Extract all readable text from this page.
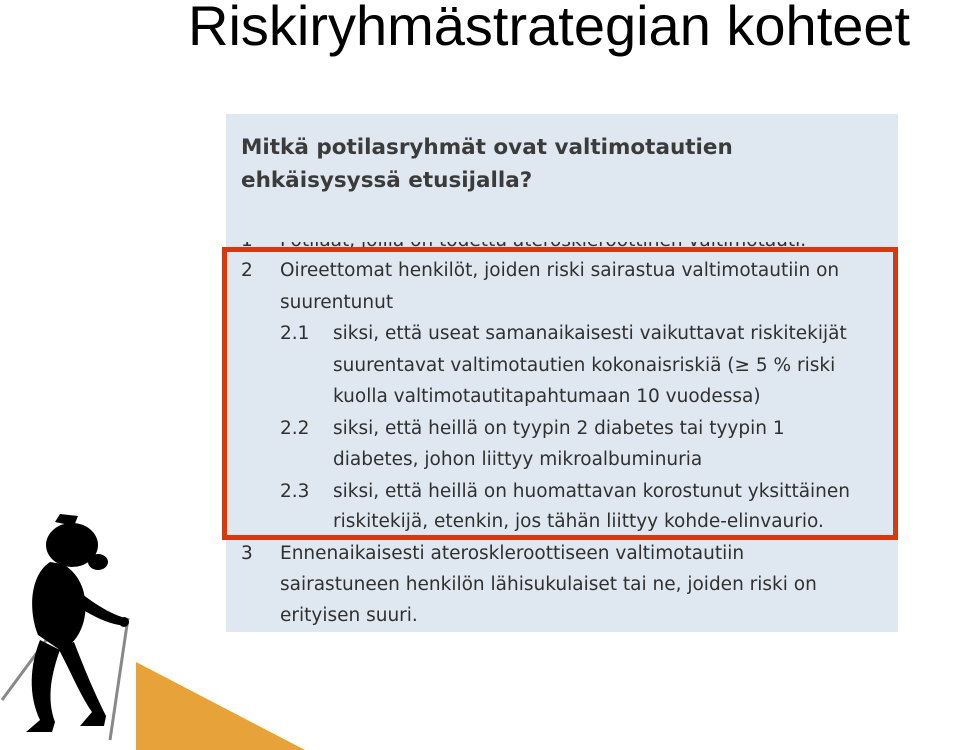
Riskiryhmästrategian kohteet
Mitkä potilasryhmät ovat valtimotautien
ehkäisysyssä etusijalla?
2 Oireettomat henkilöt, joiden riski sairastua valtimotautiin on
suurentunut
2.1 siksi, että useat samanaikaisesti vaikuttavat riskitekijät
suurentavat valtimotautien kokonaisriskiä (≥ 5 % riski
kuolla valtimotautitapahtumaan 10 vuodessa)
2.2 siksi, että heillä on tyypin 2 diabetes tai tyypin 1
diabetes, johon liittyy mikroalbuminuria
2.3 siksi, että heillä on huomattavan korostunut yksittäinen
riskitekijä, etenkin, jos tähän liittyy kohde-elinvaurio.
3 Ennenaikaisesti ateroskleroottiseen valtimotautiin
sairastuneen henkilön lähisukulaiset tai ne, joiden riski on
erityisen suuri.
